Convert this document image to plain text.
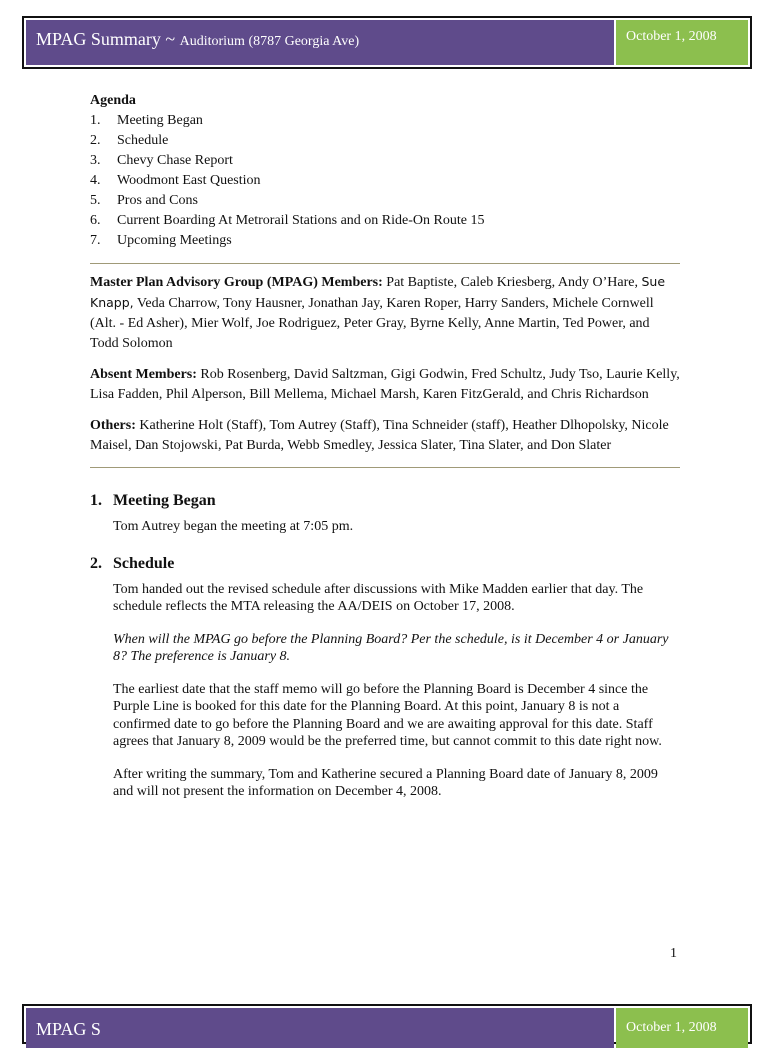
MPAG Summary ~ Auditorium (8787 Georgia Ave)	October 1, 2008
Agenda
1.	Meeting Began
2.	Schedule
3.	Chevy Chase Report
4.	Woodmont East Question
5.	Pros and Cons
6.	Current Boarding At Metrorail Stations and on Ride-On Route 15
7.	Upcoming Meetings

Master Plan Advisory Group (MPAG) Members: Pat Baptiste, Caleb Kriesberg, Andy O’Hare, Sue Knapp, Veda Charrow, Tony Hausner, Jonathan Jay, Karen Roper, Harry Sanders, Michele Cornwell (Alt. - Ed Asher), Mier Wolf, Joe Rodriguez, Peter Gray, Byrne Kelly, Anne Martin, Ted Power, and Todd Solomon

Absent Members: Rob Rosenberg, David Saltzman, Gigi Godwin, Fred Schultz, Judy Tso, Laurie Kelly, Lisa Fadden, Phil Alperson, Bill Mellema, Michael Marsh, Karen FitzGerald, and Chris Richardson

Others: Katherine Holt (Staff), Tom Autrey (Staff), Tina Schneider (staff), Heather Dlhopolsky, Nicole Maisel, Dan Stojowski, Pat Burda, Webb Smedley, Jessica Slater, Tina Slater, and Don Slater

1. Meeting Began

Tom Autrey began the meeting at 7:05 pm.

2. Schedule

Tom handed out the revised schedule after discussions with Mike Madden earlier that day. The schedule reflects the MTA releasing the AA/DEIS on October 17, 2008.

When will the MPAG go before the Planning Board? Per the schedule, is it December 4 or January 8? The preference is January 8.

The earliest date that the staff memo will go before the Planning Board is December 4 since the Purple Line is booked for this date for the Planning Board. At this point, January 8 is not a confirmed date to go before the Planning Board and we are awaiting approval for this date. Staff agrees that January 8, 2009 would be the preferred time, but cannot commit to this date right now.

After writing the summary, Tom and Katherine secured a Planning Board date of January 8, 2009 and will not present the information on December 4, 2008.

1
MPAG S	October 1, 2008
